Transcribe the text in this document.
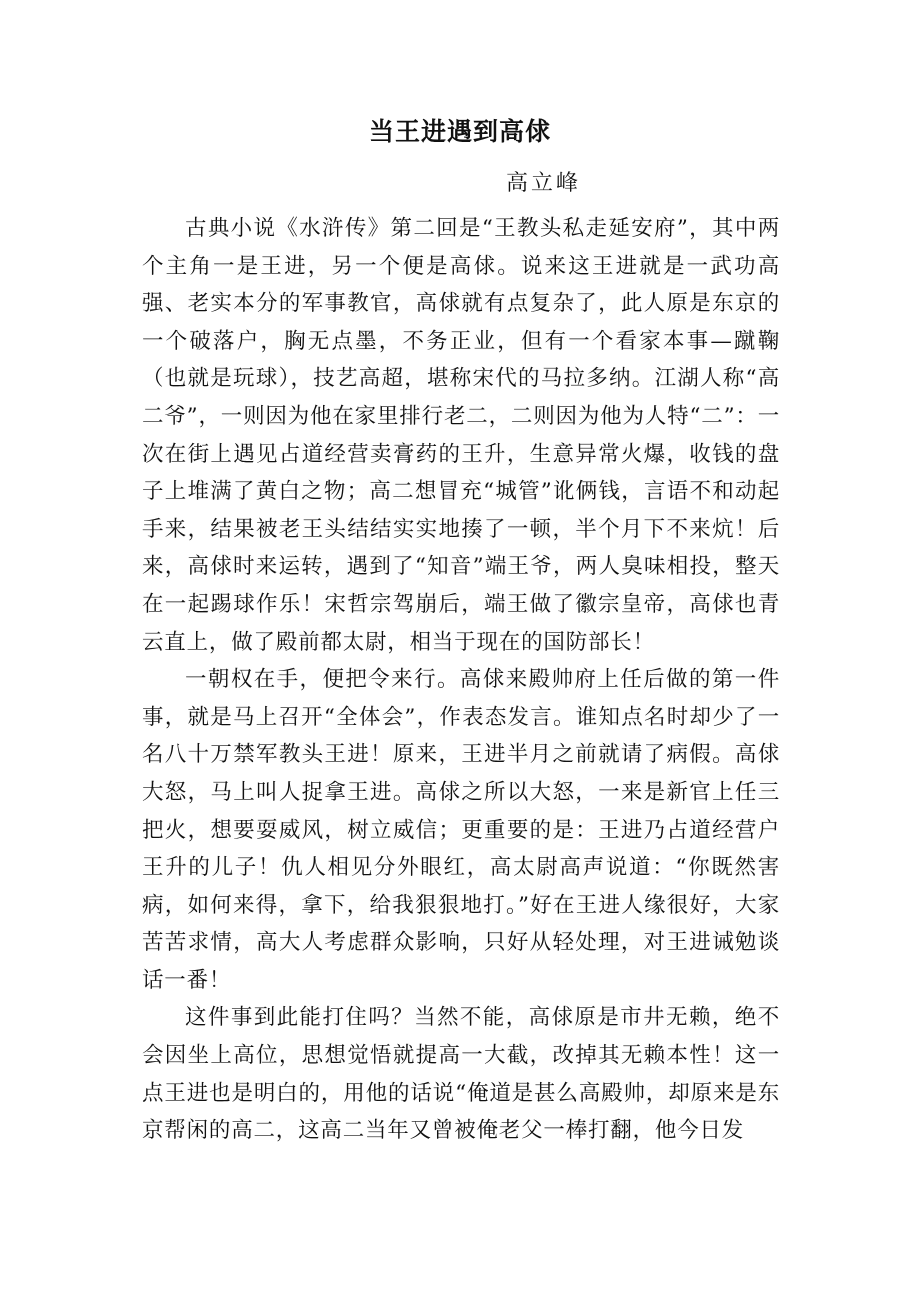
当王进遇到高俅
高立峰

古典小说《水浒传》第二回是“王教头私走延安府”，其中两个主角一是王进，另一个便是高俅。说来这王进就是一武功高强、老实本分的军事教官，高俅就有点复杂了，此人原是东京的一个破落户，胸无点墨，不务正业，但有一个看家本事—蹴鞠（也就是玩球），技艺高超，堪称宋代的马拉多纳。江湖人称“高二爷”，一则因为他在家里排行老二，二则因为他为人特“二”：一次在街上遇见占道经营卖膏药的王升，生意异常火爆，收钱的盘子上堆满了黄白之物；高二想冒充“城管”讹俩钱，言语不和动起手来，结果被老王头结结实实地揍了一顿，半个月下不来炕！后来，高俅时来运转，遇到了“知音”端王爷，两人臭味相投，整天在一起踢球作乐！宋哲宗驾崩后，端王做了徽宗皇帝，高俅也青云直上，做了殿前都太尉，相当于现在的国防部长！

一朝权在手，便把令来行。高俅来殿帅府上任后做的第一件事，就是马上召开“全体会”，作表态发言。谁知点名时却少了一名八十万禁军教头王进！原来，王进半月之前就请了病假。高俅大怒，马上叫人捉拿王进。高俅之所以大怒，一来是新官上任三把火，想要耍威风，树立威信；更重要的是：王进乃占道经营户王升的儿子！仇人相见分外眼红，高太尉高声说道：“你既然害病，如何来得，拿下，给我狠狠地打。”好在王进人缘很好，大家苦苦求情，高大人考虑群众影响，只好从轻处理，对王进诫勉谈话一番！

这件事到此能打住吗？当然不能，高俅原是市井无赖，绝不会因坐上高位，思想觉悟就提高一大截，改掉其无赖本性！这一点王进也是明白的，用他的话说“俺道是甚么高殿帅，却原来是东京帮闲的高二，这高二当年又曾被俺老父一棒打翻，他今日发
